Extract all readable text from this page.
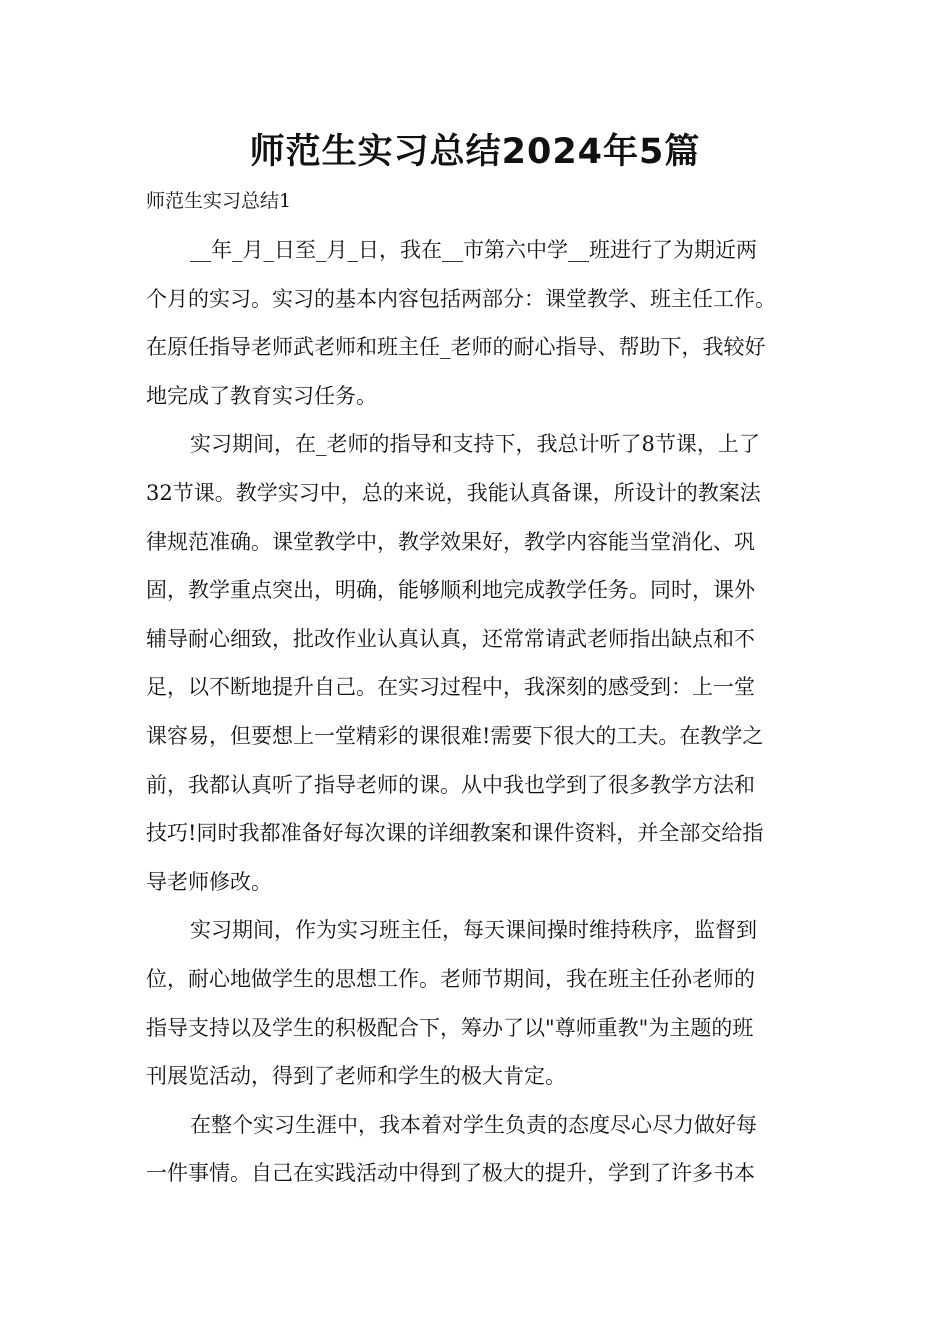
师范生实习总结2024年5篇
师范生实习总结1
__年_月_日至_月_日，我在__市第六中学__班进行了为期近两
个月的实习。实习的基本内容包括两部分：课堂教学、班主任工作。
在原任指导老师武老师和班主任_老师的耐心指导、帮助下，我较好
地完成了教育实习任务。
实习期间，在_老师的指导和支持下，我总计听了8节课，上了
32节课。教学实习中，总的来说，我能认真备课，所设计的教案法
律规范准确。课堂教学中，教学效果好，教学内容能当堂消化、巩
固，教学重点突出，明确，能够顺利地完成教学任务。同时，课外
辅导耐心细致，批改作业认真认真，还常常请武老师指出缺点和不
足，以不断地提升自己。在实习过程中，我深刻的感受到：上一堂
课容易，但要想上一堂精彩的课很难!需要下很大的工夫。在教学之
前，我都认真听了指导老师的课。从中我也学到了很多教学方法和
技巧!同时我都准备好每次课的详细教案和课件资料，并全部交给指
导老师修改。
实习期间，作为实习班主任，每天课间操时维持秩序，监督到
位，耐心地做学生的思想工作。老师节期间，我在班主任孙老师的
指导支持以及学生的积极配合下，筹办了以"尊师重教"为主题的班
刊展览活动，得到了老师和学生的极大肯定。
在整个实习生涯中，我本着对学生负责的态度尽心尽力做好每
一件事情。自己在实践活动中得到了极大的提升，学到了许多书本
